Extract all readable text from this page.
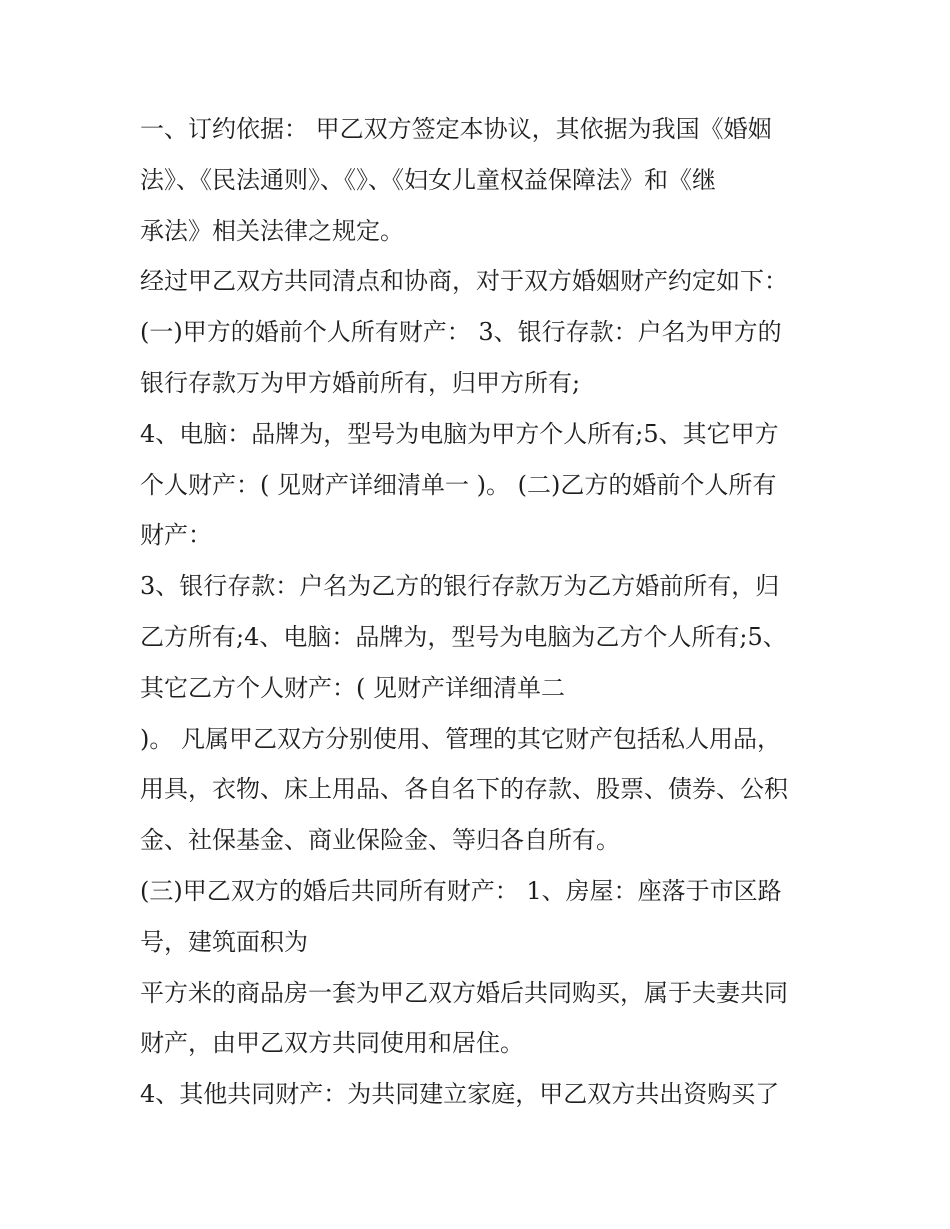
一、订约依据： 甲乙双方签定本协议，其依据为我国《婚姻
法》、《民法通则》、《》、《妇女儿童权益保障法》和《继
承法》相关法律之规定。
经过甲乙双方共同清点和协商，对于双方婚姻财产约定如下：
(一)甲方的婚前个人所有财产： 3、银行存款：户名为甲方的
银行存款万为甲方婚前所有，归甲方所有;
4、电脑：品牌为，型号为电脑为甲方个人所有;5、其它甲方
个人财产：( 见财产详细清单一 )。 (二)乙方的婚前个人所有
财产：
3、银行存款：户名为乙方的银行存款万为乙方婚前所有，归
乙方所有;4、电脑：品牌为，型号为电脑为乙方个人所有;5、
其它乙方个人财产：( 见财产详细清单二
)。 凡属甲乙双方分别使用、管理的其它财产包括私人用品，
用具，衣物、床上用品、各自名下的存款、股票、债券、公积
金、社保基金、商业保险金、等归各自所有。
(三)甲乙双方的婚后共同所有财产： 1、房屋：座落于市区路
号，建筑面积为
平方米的商品房一套为甲乙双方婚后共同购买，属于夫妻共同
财产，由甲乙双方共同使用和居住。
4、其他共同财产：为共同建立家庭，甲乙双方共出资购买了
